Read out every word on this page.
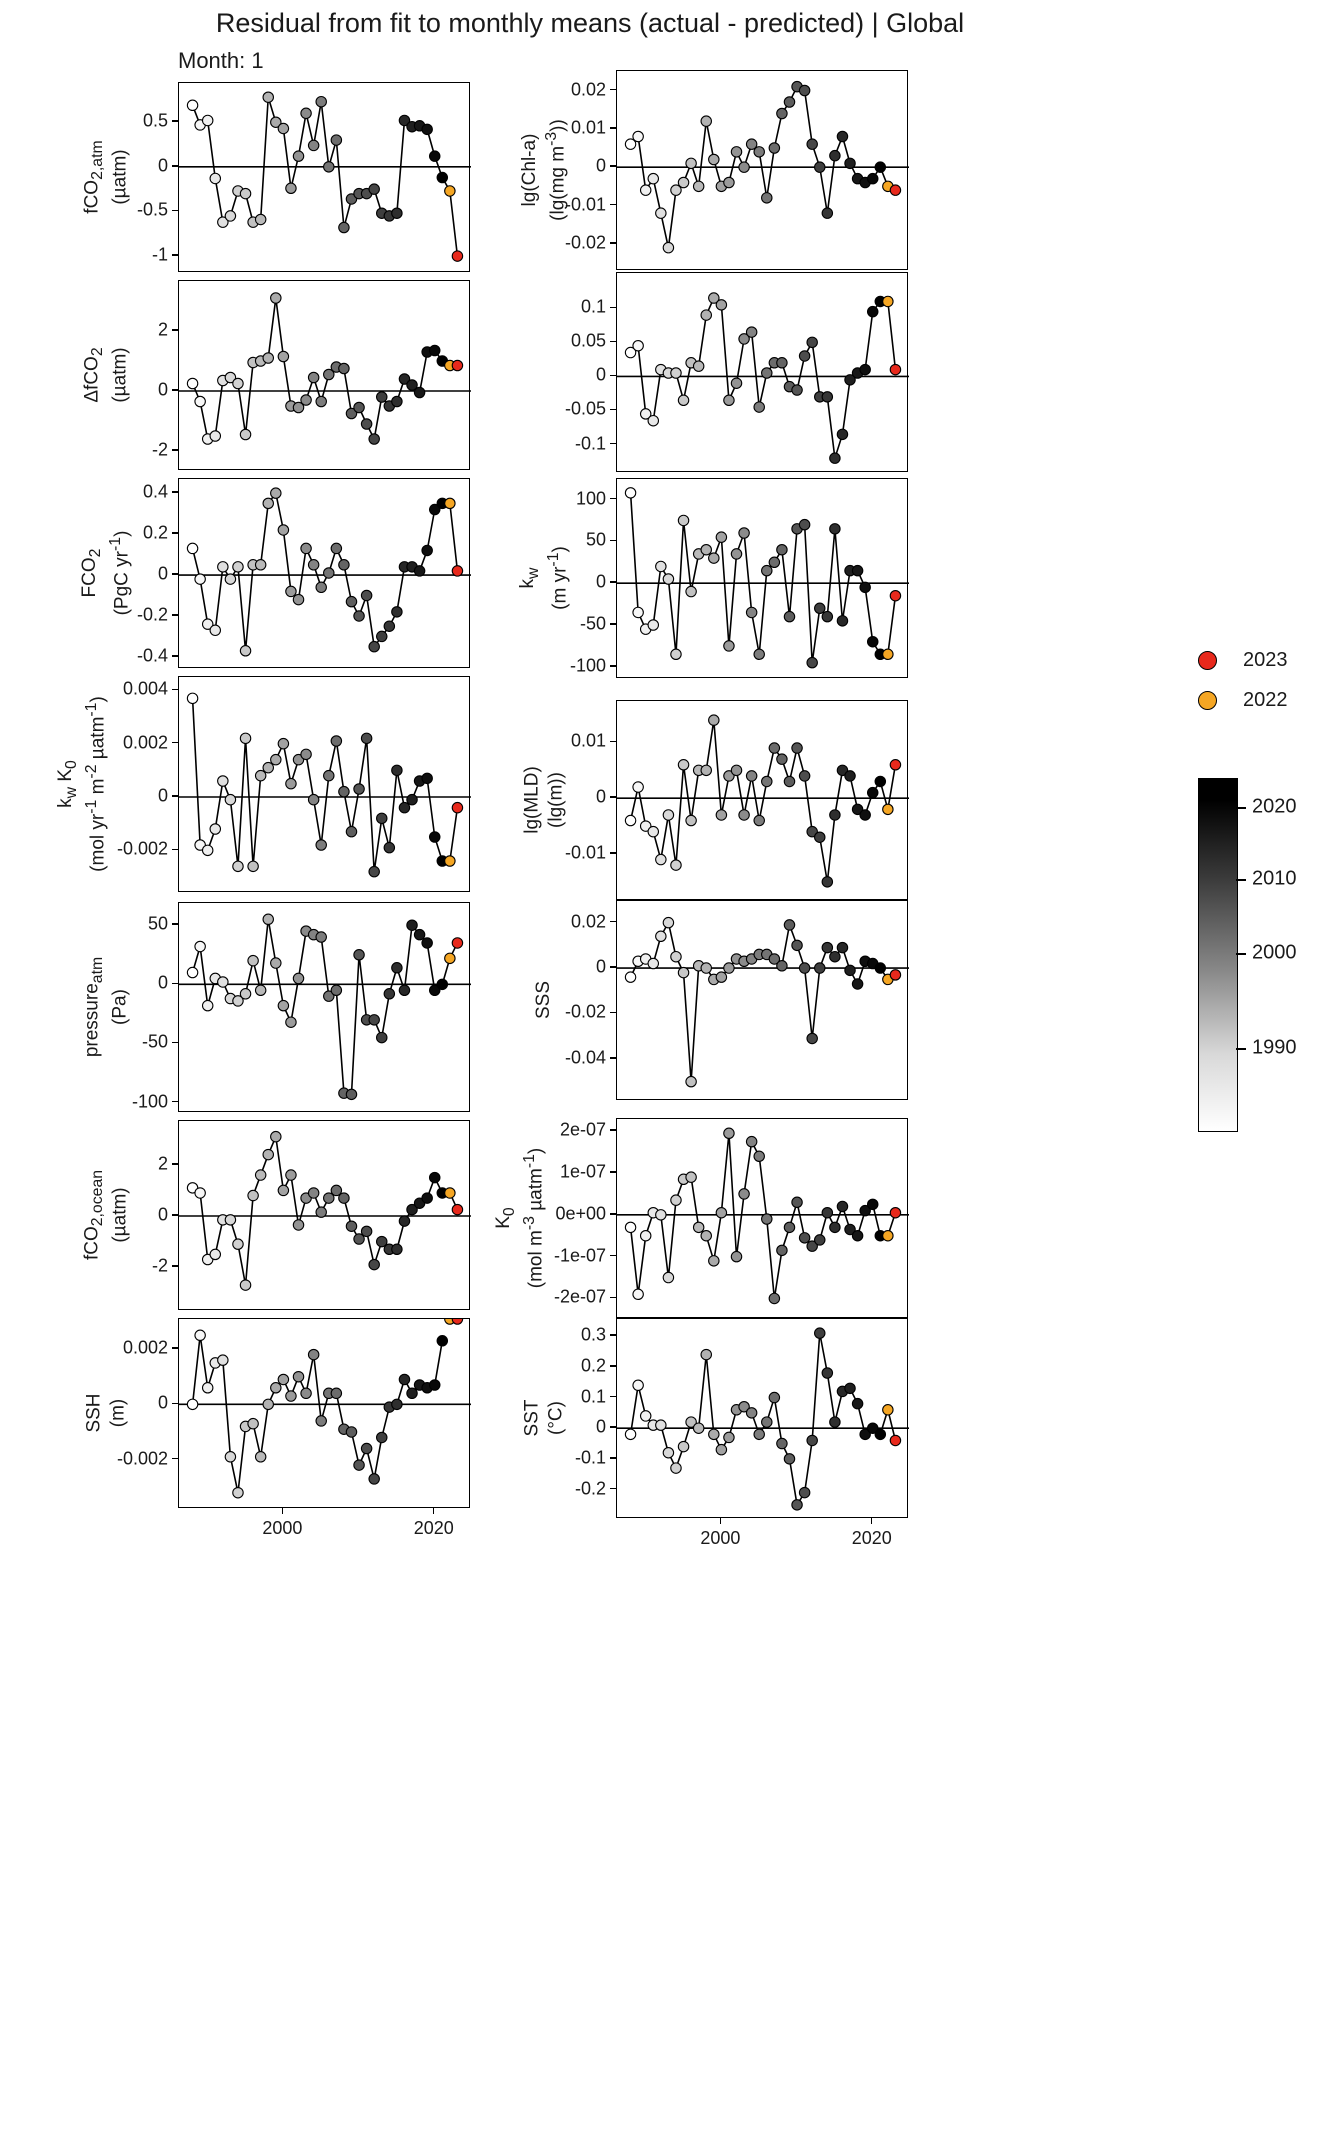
Residual from fit to monthly means (actual - predicted) | Global
Month: 1
-1
-0.5
0
0.5
fCO$_{2,atm}$ (µatm)
-0.02
-0.01
0
0.01
0.02
lg(Chl-a) (lg(mg $m^{-3}$))
-2
0
2
ΔfCO$_2$ (µatm)
-0.1
-0.05
0
0.05
0.1
-0.4
-0.2
0
0.2
0.4
$FCO_2$ (PgC $yr^{-1}$)
-100
-50
0
50
100
$k_w$ (m $yr^{-1}$)
-0.002
0
0.002
0.004
$k_w$ $K_0$
(mol $yr^{-1}$ $m^{-2}$ µatm$^{-1}$)
-0.01
0
0.01
lg(MLD) (lg(m))
-100
-50
0
50
pressure$_{atm}$
(Pa)
-0.04
-0.02
0
0.02
SSS
-2
0
2
fCO$_{2,ocean}$ (µatm)
-2e-07
-1e-07
0e+00
1e-07
2e-07
$K_0$
(mol $m^{-3}$ µatm$^{-1}$)
-0.002
0
0.002
SSH (m)
-0.2
-0.1
0
0.1
0.2
0.3
SST (°C)
2000	2020	2000	2020
2023
2022
2020
2010
2000
1990
